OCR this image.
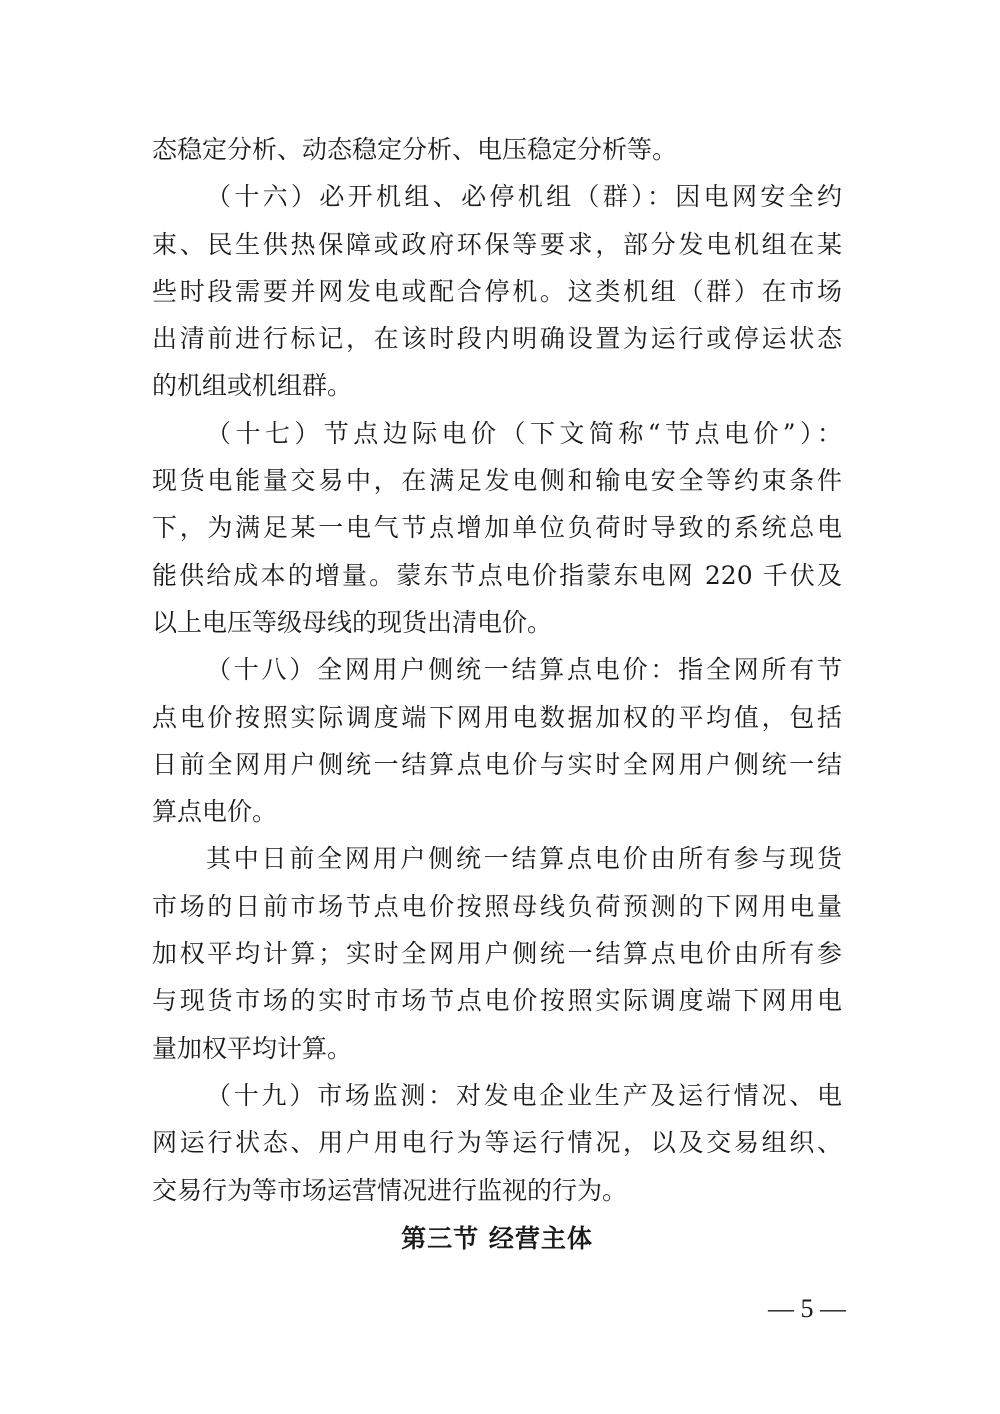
态稳定分析、动态稳定分析、电压稳定分析等。
（十六）必开机组、必停机组（群）：因电网安全约
束、民生供热保障或政府环保等要求，部分发电机组在某
些时段需要并网发电或配合停机。这类机组（群）在市场
出清前进行标记，在该时段内明确设置为运行或停运状态
的机组或机组群。
（十七）节点边际电价（下文简称“节点电价”）：
现货电能量交易中，在满足发电侧和输电安全等约束条件
下，为满足某一电气节点增加单位负荷时导致的系统总电
能供给成本的增量。蒙东节点电价指蒙东电网 220 千伏及
以上电压等级母线的现货出清电价。
（十八）全网用户侧统一结算点电价：指全网所有节
点电价按照实际调度端下网用电数据加权的平均值，包括
日前全网用户侧统一结算点电价与实时全网用户侧统一结
算点电价。
其中日前全网用户侧统一结算点电价由所有参与现货
市场的日前市场节点电价按照母线负荷预测的下网用电量
加权平均计算；实时全网用户侧统一结算点电价由所有参
与现货市场的实时市场节点电价按照实际调度端下网用电
量加权平均计算。
（十九）市场监测：对发电企业生产及运行情况、电
网运行状态、用户用电行为等运行情况，以及交易组织、
交易行为等市场运营情况进行监视的行为。
第三节 经营主体
— 5 —
